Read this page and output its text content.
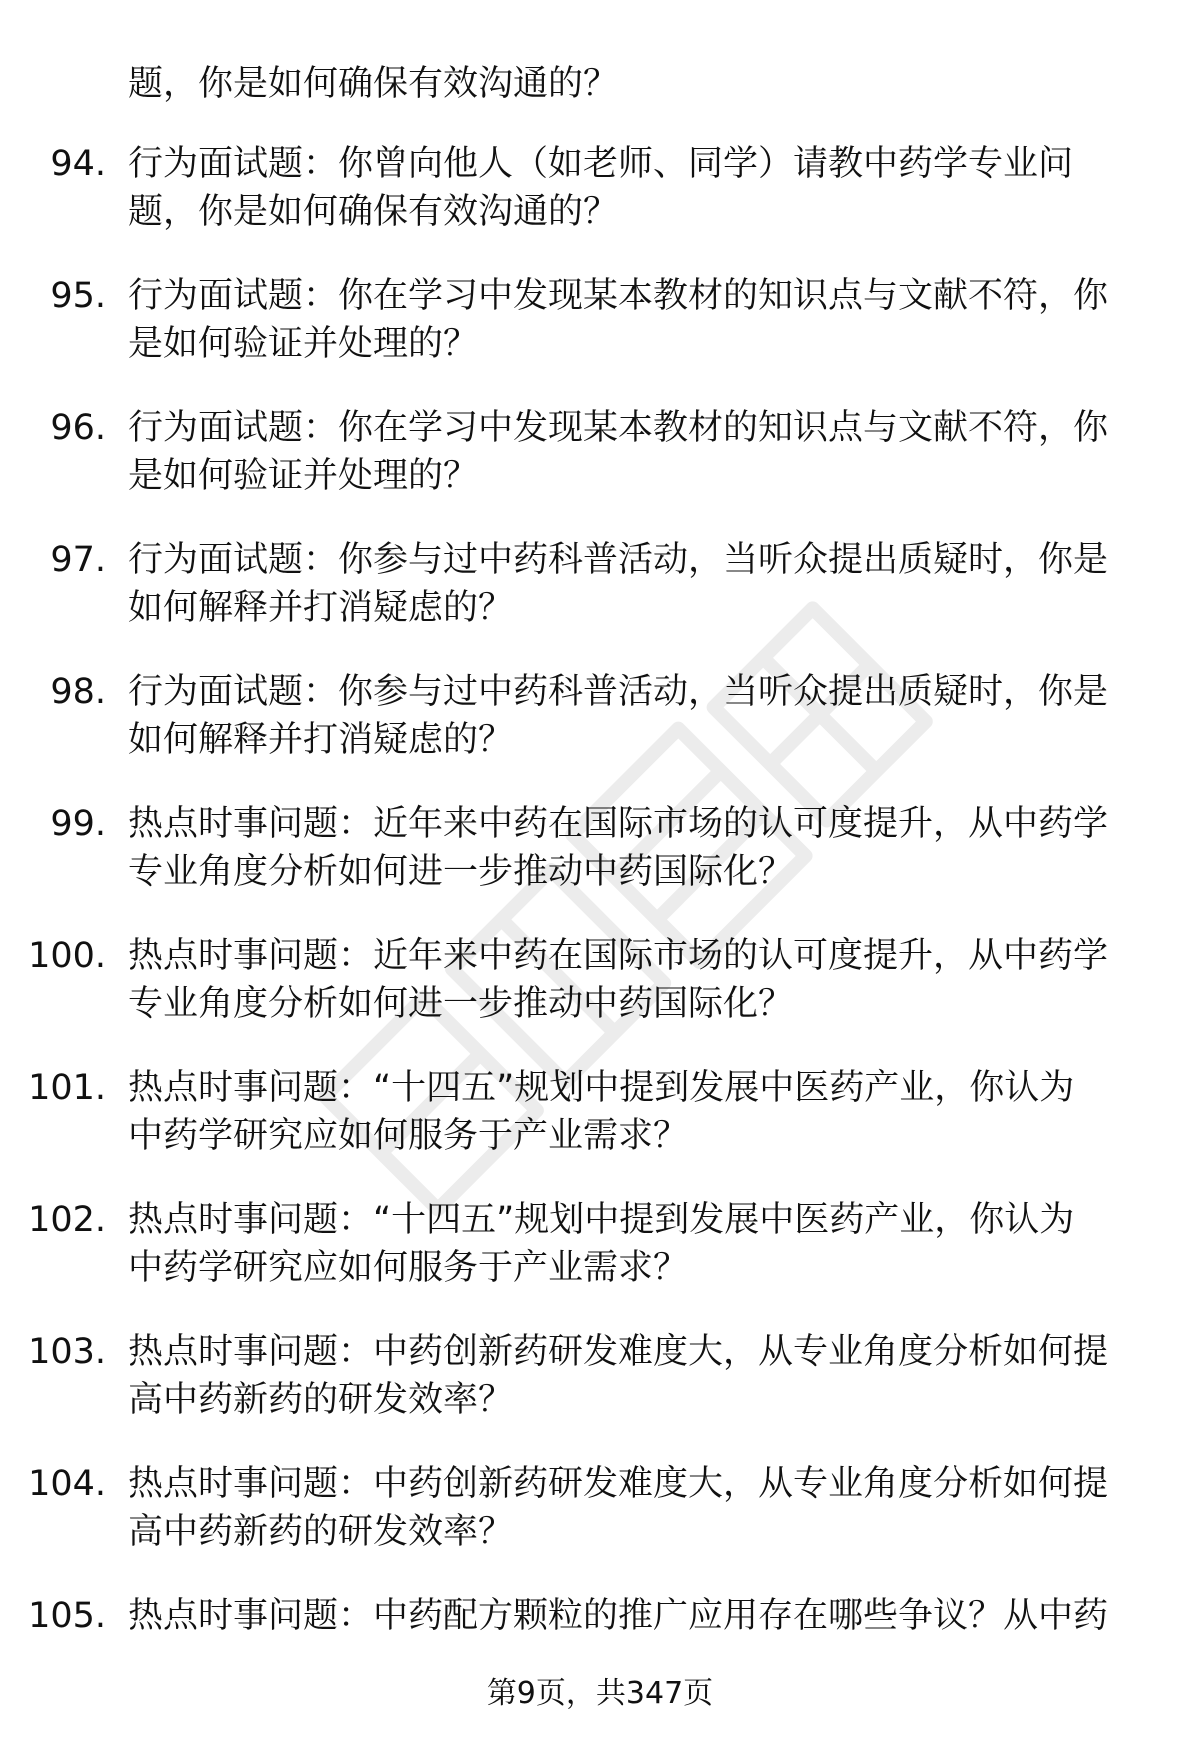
题，你是如何确保有效沟通的？
94. 行为面试题：你曾向他人（如老师、同学）请教中药学专业问
题，你是如何确保有效沟通的？
95. 行为面试题：你在学习中发现某本教材的知识点与文献不符，你
是如何验证并处理的？
96. 行为面试题：你在学习中发现某本教材的知识点与文献不符，你
是如何验证并处理的？
97. 行为面试题：你参与过中药科普活动，当听众提出质疑时，你是
如何解释并打消疑虑的？
98. 行为面试题：你参与过中药科普活动，当听众提出质疑时，你是
如何解释并打消疑虑的？
99. 热点时事问题：近年来中药在国际市场的认可度提升，从中药学
专业角度分析如何进一步推动中药国际化？
100. 热点时事问题：近年来中药在国际市场的认可度提升，从中药学
专业角度分析如何进一步推动中药国际化？
101. 热点时事问题：“十四五”规划中提到发展中医药产业，你认为
中药学研究应如何服务于产业需求？
102. 热点时事问题：“十四五”规划中提到发展中医药产业，你认为
中药学研究应如何服务于产业需求？
103. 热点时事问题：中药创新药研发难度大，从专业角度分析如何提
高中药新药的研发效率？
104. 热点时事问题：中药创新药研发难度大，从专业角度分析如何提
高中药新药的研发效率？
105. 热点时事问题：中药配方颗粒的推广应用存在哪些争议？从中药
第9页，共347页
